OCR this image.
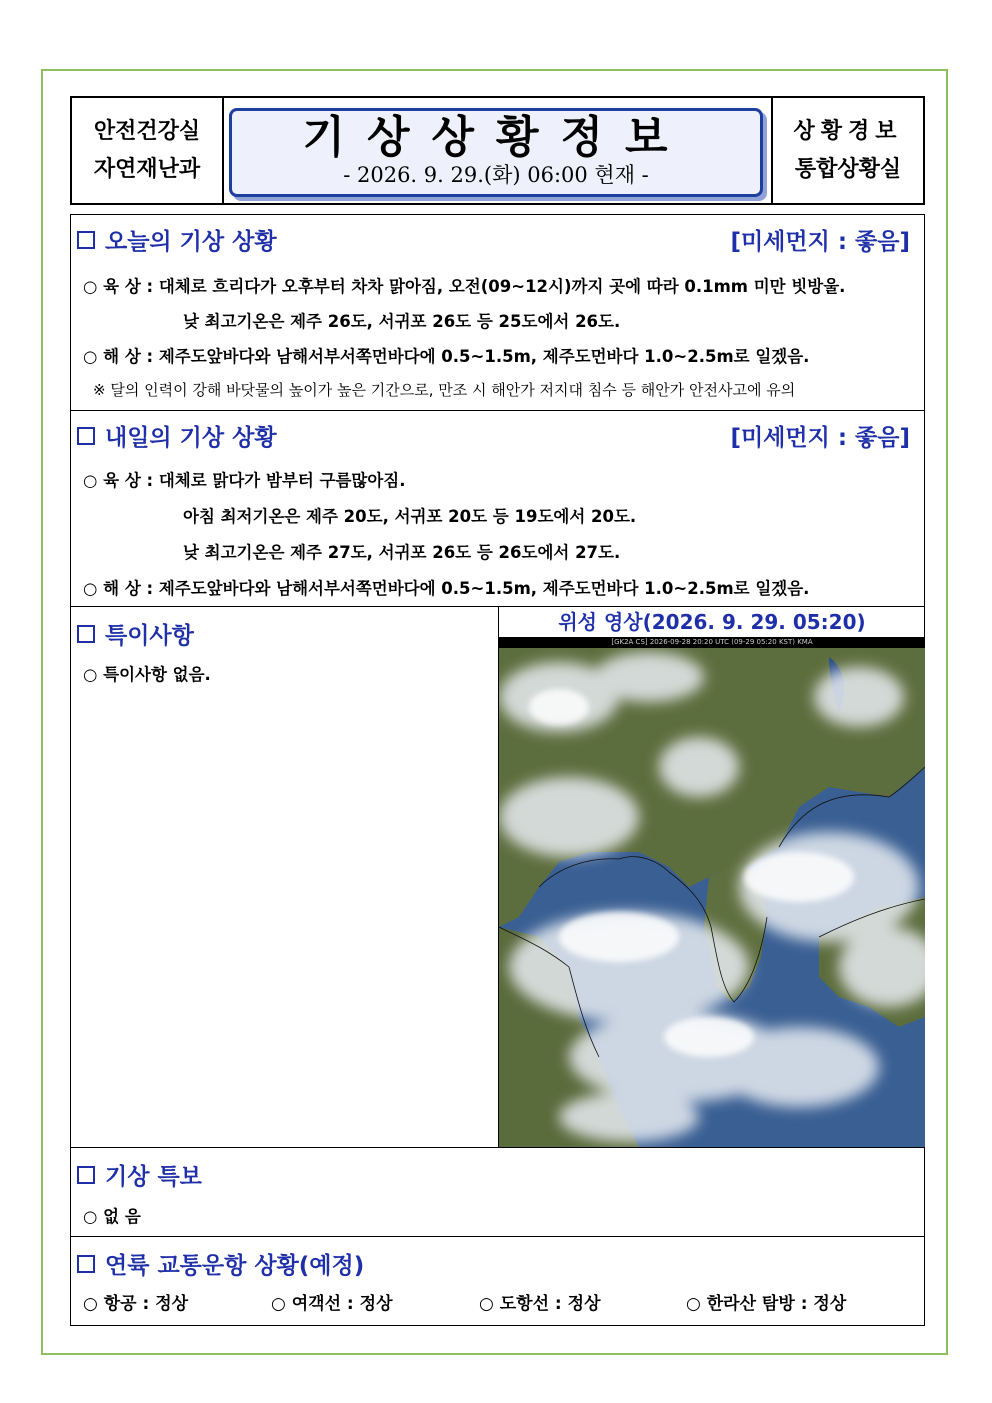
안전건강실
자연재난과
기상상황정보
- 2026. 9. 29.(화) 06:00 현재 -
상황경보
통합상황실
오늘의 기상 상황	[미세먼지 : 좋음]
○ 육 상 : 대체로 흐리다가 오후부터 차차 맑아짐, 오전(09~12시)까지 곳에 따라 0.1mm 미만 빗방울.
낮 최고기온은 제주 26도, 서귀포 26도 등 25도에서 26도.
○ 해 상 : 제주도앞바다와 남해서부서쪽먼바다에 0.5~1.5m, 제주도먼바다 1.0~2.5m로 일겠음.
※ 달의 인력이 강해 바닷물의 높이가 높은 기간으로, 만조 시 해안가 저지대 침수 등 해안가 안전사고에 유의
내일의 기상 상황	[미세먼지 : 좋음]
○ 육 상 : 대체로 맑다가 밤부터 구름많아짐.
아침 최저기온은 제주 20도, 서귀포 20도 등 19도에서 20도.
낮 최고기온은 제주 27도, 서귀포 26도 등 26도에서 27도.
○ 해 상 : 제주도앞바다와 남해서부서쪽먼바다에 0.5~1.5m, 제주도먼바다 1.0~2.5m로 일겠음.
특이사항
○ 특이사항 없음.
위성 영상(2026. 9. 29. 05:20)
[GK2A CS] 2026-09-28 20:20 UTC (09-29 05:20 KST) KMA
기상 특보
○ 없 음
연륙 교통운항 상황(예정)
○ 항공 : 정상	○ 여객선 : 정상	○ 도항선 : 정상	○ 한라산 탐방 : 정상
